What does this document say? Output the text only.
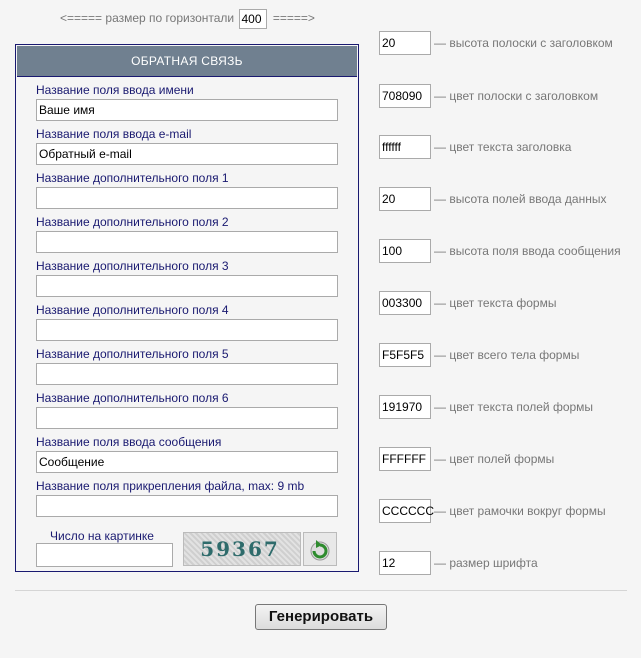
<===== размер по горизонтали 400	=====>
ОБРАТНАЯ СВЯЗЬ
Название поля ввода имени
Ваше имя
Название поля ввода e-mail
Обратный e-mail
Название дополнительного поля 1
Название дополнительного поля 2
Название дополнительного поля 3
Название дополнительного поля 4
Название дополнительного поля 5
Название дополнительного поля 6
Название поля ввода сообщения
Сообщение
Название поля прикрепления файла, max: 9 mb
Число на картинке
59367
20	— высота полоски с заголовком
708090 — цвет полоски с заголовком
ffffff	— цвет текста заголовка
20	— высота полей ввода данных
100	— высота поля ввода сообщения
003300 — цвет текста формы
F5F5F5 — цвет всего тела формы
191970 — цвет текста полей формы
FFFFFF — цвет полей формы
CCCCCC— цвет рамочки вокруг формы
12	— размер шрифта
Генерировать
